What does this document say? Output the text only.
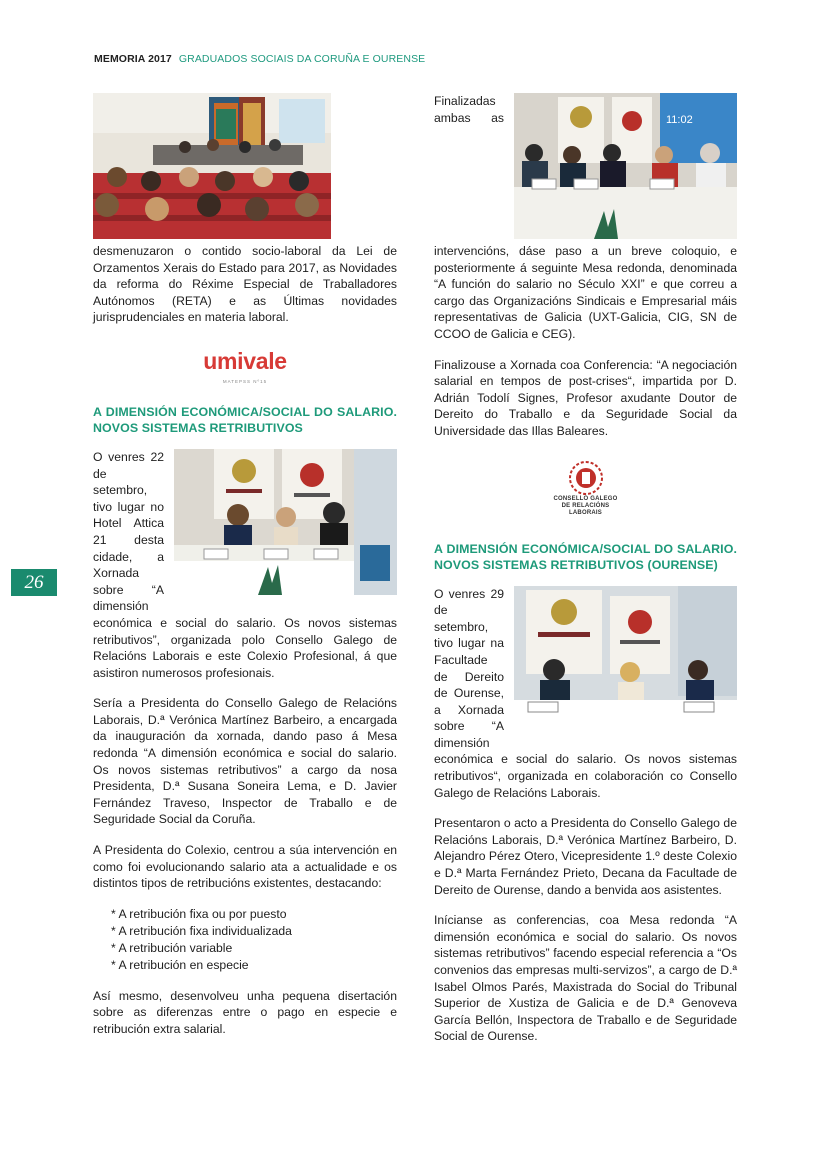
MEMORIA 2017 GRADUADOS SOCIAIS DA CORUÑA E OURENSE
26

desmenuzaron o contido socio-laboral da Lei de Orzamentos Xerais do Estado para 2017, as Novidades da reforma do Réxime Especial de Traballadores Autónomos (RETA) e as Últimas novidades jurisprudenciales en materia laboral.

umivale
MATEPSS Nº15
A DIMENSIÓN ECONÓMICA/SOCIAL DO SALARIO. NOVOS SISTEMAS RETRIBUTIVOS

O venres 22 de setembro, tivo lugar no Hotel Attica 21 desta cidade, a Xornada sobre “A dimensión económica e social do salario. Os novos sistemas retributivos”, organizada polo Consello Galego de Relacións Laborais e este Colexio Profesional, á que asistiron numerosos profesionais.

Sería a Presidenta do Consello Galego de Relacións Laborais, D.ª Verónica Martínez Barbeiro, a encargada da inauguración da xornada, dando paso á Mesa redonda “A dimensión económica e social do salario. Os novos sistemas retributivos” a cargo da nosa Presidenta, D.ª Susana Soneira Lema, e D. Javier Fernández Traveso, Inspector de Traballo e de Seguridade Social da Coruña.

A Presidenta do Colexio, centrou a súa intervención en como foi evolucionando salario ata a actualidade e os distintos tipos de retribucións existentes, destacando:

* A retribución fixa ou por puesto
* A retribución fixa individualizada
* A retribución variable
* A retribución en especie

Así mesmo, desenvolveu unha pequena disertación sobre as diferenzas entre o pago en especie e retribución extra salarial.

11:02

Finalizadas ambas as intervencións, dáse paso a un breve coloquio, e posteriormente á seguinte Mesa redonda, denominada “A función do salario no Século XXI” e que correu a cargo das Organizacións Sindicais e Empresarial máis representativas de Galicia (UXT-Galicia, CIG, SN de CCOO de Galicia e CEG).

Finalizouse a Xornada coa Conferencia: “A negociación salarial en tempos de post-crises“, impartida por D. Adrián Todolí Signes, Profesor axudante Doutor de Dereito do Traballo e da Seguridade Social da Universidade das Illas Baleares.

CONSELLO GALEGO
DE RELACIÓNS LABORAIS
A DIMENSIÓN ECONÓMICA/SOCIAL DO SALARIO. NOVOS SISTEMAS RETRIBUTIVOS (OURENSE)

O venres 29 de setembro, tivo lugar na Facultade de Dereito de Ourense, a Xornada sobre “A dimensión económica e social do salario. Os novos sistemas retributivos“, organizada en colaboración co Consello Galego de Relacións Laborais.

Presentaron o acto a Presidenta do Consello Galego de Relacións Laborais, D.ª Verónica Martínez Barbeiro, D. Alejandro Pérez Otero, Vicepresidente 1.º deste Colexio e D.ª Marta Fernández Prieto, Decana da Facultade de Dereito de Ourense, dando a benvida aos asistentes.

Inícianse as conferencias, coa Mesa redonda “A dimensión económica e social do salario. Os novos sistemas retributivos” facendo especial referencia a “Os convenios das empresas multi-servizos”, a cargo de D.ª Isabel Olmos Parés, Maxistrada do Social do Tribunal Superior de Xustiza de Galicia e de D.ª Genoveva García Bellón, Inspectora de Traballo e de Seguridade Social de Ourense.
